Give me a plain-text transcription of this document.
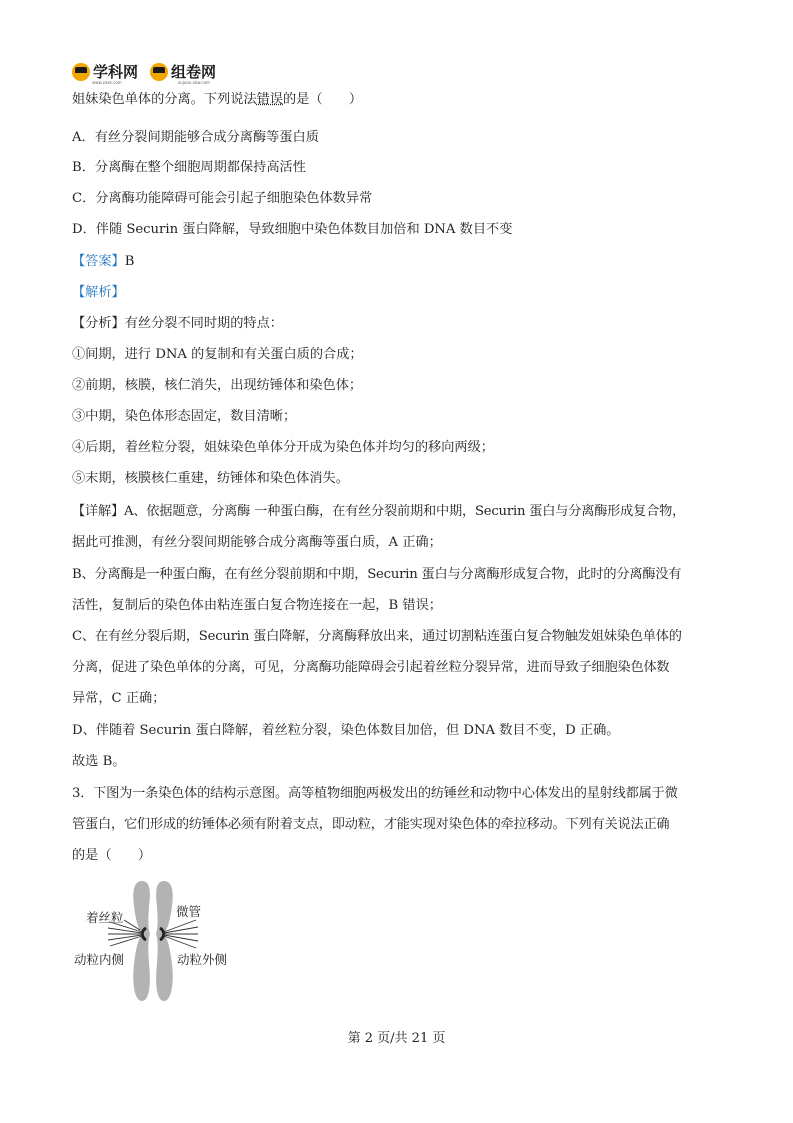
学科网 组卷网
www.zxxk.com	zujuan.xkw.com
姐妹染色单体的分离。下列说法错误的是（　　）
A．有丝分裂间期能够合成分离酶等蛋白质
B．分离酶在整个细胞周期都保持高活性
C．分离酶功能障碍可能会引起子细胞染色体数异常
D．伴随 Securin 蛋白降解，导致细胞中染色体数目加倍和 DNA 数目不变
【答案】B
【解析】
【分析】有丝分裂不同时期的特点：
①间期，进行 DNA 的复制和有关蛋白质的合成；
②前期，核膜，核仁消失，出现纺锤体和染色体；
③中期，染色体形态固定，数目清晰；
④后期，着丝粒分裂，姐妹染色单体分开成为染色体并均匀的移向两级；
⑤末期，核膜核仁重建，纺锤体和染色体消失。
【详解】A、依据题意，分离酶 一种蛋白酶，在有丝分裂前期和中期，Securin 蛋白与分离酶形成复合物，
据此可推测，有丝分裂间期能够合成分离酶等蛋白质，A 正确；
B、分离酶是一种蛋白酶，在有丝分裂前期和中期，Securin 蛋白与分离酶形成复合物，此时的分离酶没有
活性，复制后的染色体由粘连蛋白复合物连接在一起，B 错误；
C、在有丝分裂后期，Securin 蛋白降解，分离酶释放出来，通过切割粘连蛋白复合物触发姐妹染色单体的
分离，促进了染色单体的分离，可见，分离酶功能障碍会引起着丝粒分裂异常，进而导致子细胞染色体数
异常，C 正确；
D、伴随着 Securin 蛋白降解，着丝粒分裂，染色体数目加倍，但 DNA 数目不变，D 正确。
故选 B。
3．下图为一条染色体的结构示意图。高等植物细胞两极发出的纺锤丝和动物中心体发出的星射线都属于微
管蛋白，它们形成的纺锤体必须有附着支点，即动粒，才能实现对染色体的牵拉移动。下列有关说法正确
的是（　　）
着丝粒	微管
动粒内侧	动粒外侧
第 2 页/共 21 页
